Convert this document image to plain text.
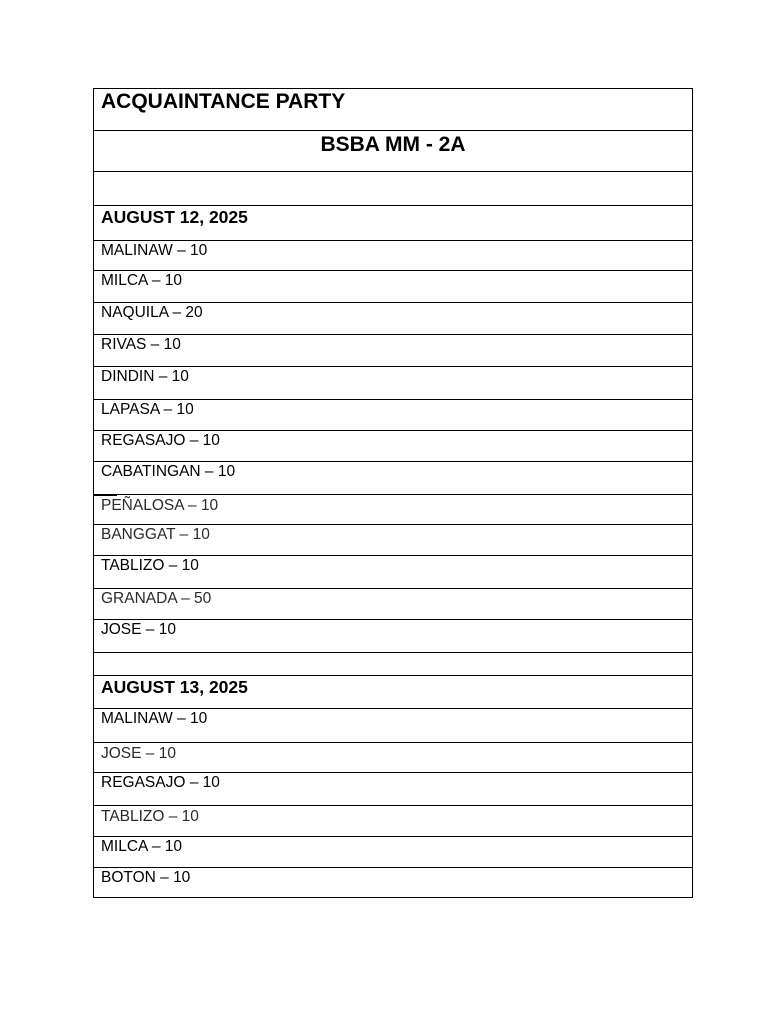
ACQUAINTANCE PARTY
BSBA MM - 2A
AUGUST 12, 2025
MALINAW – 10
MILCA – 10
NAQUILA – 20
RIVAS – 10
DINDIN – 10
LAPASA – 10
REGASAJO – 10
CABATINGAN – 10
PEÑALOSA – 10
BANGGAT – 10
TABLIZO – 10
GRANADA – 50
JOSE – 10
AUGUST 13, 2025
MALINAW – 10
JOSE – 10
REGASAJO – 10
TABLIZO – 10
MILCA – 10
BOTON – 10
